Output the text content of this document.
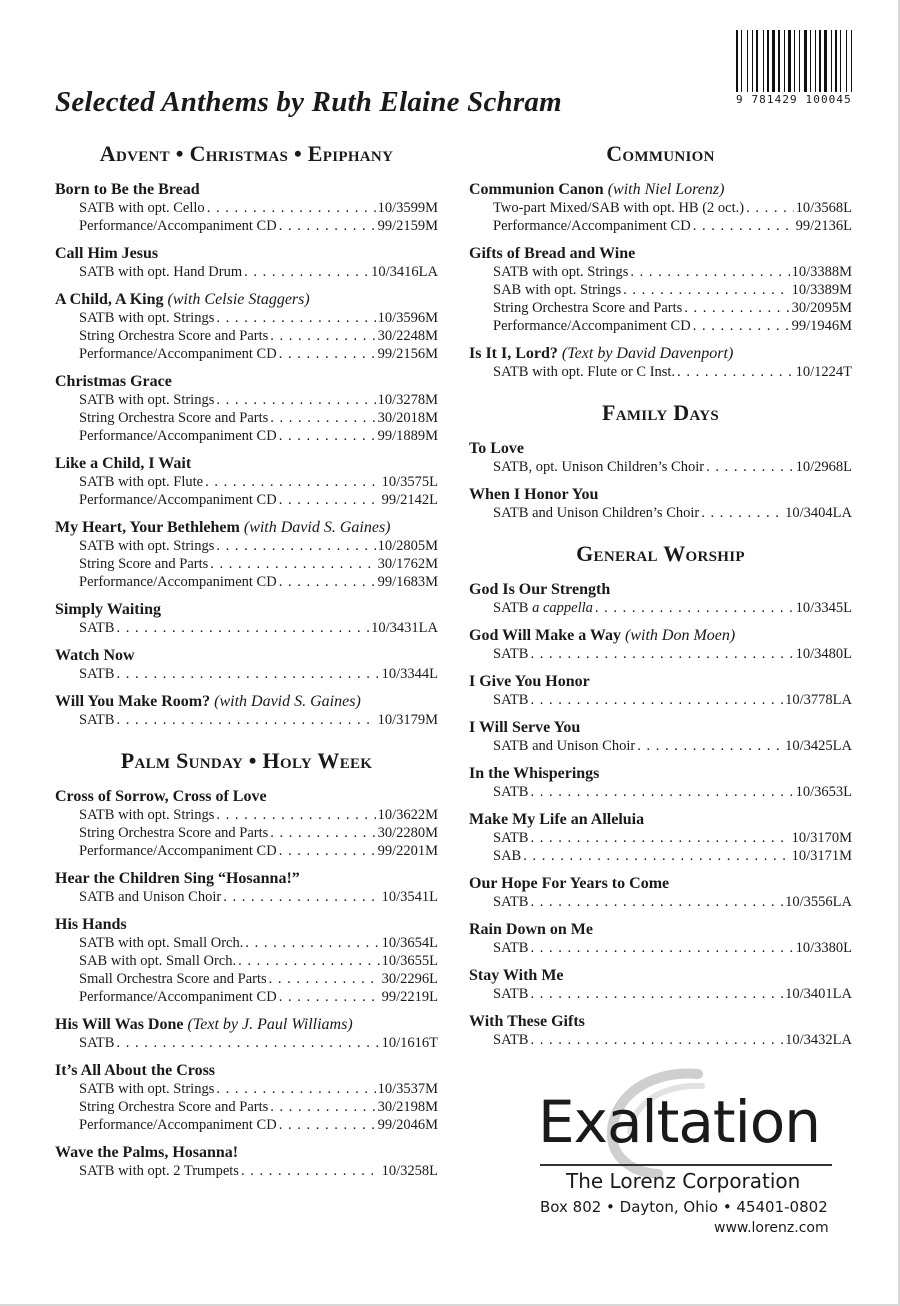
9 781429 100045
Selected Anthems by Ruth Elaine Schram
Advent • Christmas • Epiphany
Born to Be the Bread
SATB with opt. Cello . . .	10/3599M
Performance/Accompaniment CD . . .	99/2159M
Call Him Jesus
SATB with opt. Hand Drum . . .	10/3416LA
A Child, A King (with Celsie Staggers)
SATB with opt. Strings . . .	10/3596M
String Orchestra Score and Parts . . .	30/2248M
Performance/Accompaniment CD . . .	99/2156M
Christmas Grace
SATB with opt. Strings . . .	10/3278M
String Orchestra Score and Parts . . .	30/2018M
Performance/Accompaniment CD . . .	99/1889M
Like a Child, I Wait
SATB with opt. Flute . . .	10/3575L
Performance/Accompaniment CD . . .	99/2142L
My Heart, Your Bethlehem (with David S. Gaines)
SATB with opt. Strings . . .	10/2805M
String Score and Parts . . .	30/1762M
Performance/Accompaniment CD . . .	99/1683M
Simply Waiting
SATB . . .	10/3431LA
Watch Now
SATB . . .	10/3344L
Will You Make Room? (with David S. Gaines)
SATB . . .	10/3179M
Palm Sunday • Holy Week
Cross of Sorrow, Cross of Love
SATB with opt. Strings . . .	10/3622M
String Orchestra Score and Parts . . .	30/2280M
Performance/Accompaniment CD . . .	99/2201M
Hear the Children Sing “Hosanna!”
SATB and Unison Choir . . .	10/3541L
His Hands
SATB with opt. Small Orch. . . .	10/3654L
SAB with opt. Small Orch. . . .	10/3655L
Small Orchestra Score and Parts . . .	30/2296L
Performance/Accompaniment CD . . .	99/2219L
His Will Was Done (Text by J. Paul Williams)
SATB . . .	10/1616T
It’s All About the Cross
SATB with opt. Strings . . .	10/3537M
String Orchestra Score and Parts . . .	30/2198M
Performance/Accompaniment CD . . .	99/2046M
Wave the Palms, Hosanna!
SATB with opt. 2 Trumpets . . .	10/3258L
Communion
Communion Canon (with Niel Lorenz)
Two-part Mixed/SAB with opt. HB (2 oct.) . . .	10/3568L
Performance/Accompaniment CD . . .	99/2136L
Gifts of Bread and Wine
SATB with opt. Strings . . .	10/3388M
SAB with opt. Strings . . .	10/3389M
String Orchestra Score and Parts . . .	30/2095M
Performance/Accompaniment CD . . .	99/1946M
Is It I, Lord? (Text by David Davenport)
SATB with opt. Flute or C Inst. . . .	10/1224T
Family Days
To Love
SATB, opt. Unison Children’s Choir . . .	10/2968L
When I Honor You
SATB and Unison Children’s Choir . . .	10/3404LA
General Worship
God Is Our Strength
SATB a cappella . . .	10/3345L
God Will Make a Way (with Don Moen)
SATB . . .	10/3480L
I Give You Honor
SATB . . .	10/3778LA
I Will Serve You
SATB and Unison Choir . . .	10/3425LA
In the Whisperings
SATB . . .	10/3653L
Make My Life an Alleluia
SATB . . .	10/3170M
SAB . . .	10/3171M
Our Hope For Years to Come
SATB . . .	10/3556LA
Rain Down on Me
SATB . . .	10/3380L
Stay With Me
SATB . . .	10/3401LA
With These Gifts
SATB . . .	10/3432LA
Exaltation
The Lorenz Corporation
Box 802 • Dayton, Ohio • 45401-0802
www.lorenz.com
